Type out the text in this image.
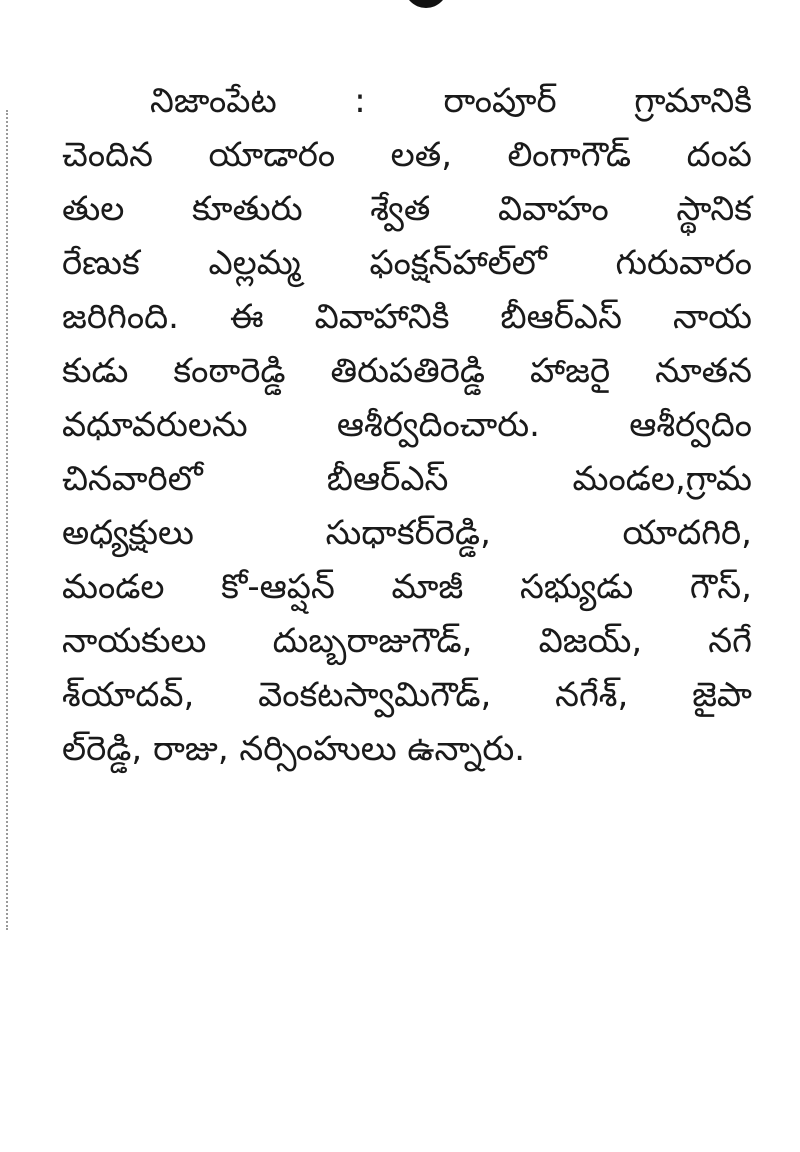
నిజాంపేట : రాంపూర్ గ్రామానికి
చెందిన యాడారం లత, లింగాగౌడ్ దంప
తుల కూతురు శ్వేత వివాహం స్థానిక
రేణుక ఎల్లమ్మ ఫంక్షన్‌హాల్‌లో గురువారం
జరిగింది. ఈ వివాహానికి బీఆర్‌ఎస్ నాయ
కుడు కంఠారెడ్డి తిరుపతిరెడ్డి హాజరై నూతన
వధూవరులను ఆశీర్వదించారు. ఆశీర్వదిం
చినవారిలో బీఆర్‌ఎస్ మండల,గ్రామ
అధ్యక్షులు సుధాకర్‌రెడ్డి, యాదగిరి,
మండల కో-ఆప్షన్ మాజీ సభ్యుడు గౌస్,
నాయకులు దుబ్బరాజుగౌడ్, విజయ్, నగే
శ్‌యాదవ్, వెంకటస్వామిగౌడ్, నగేశ్, జైపా
ల్‌రెడ్డి, రాజు, నర్సింహులు ఉన్నారు.
